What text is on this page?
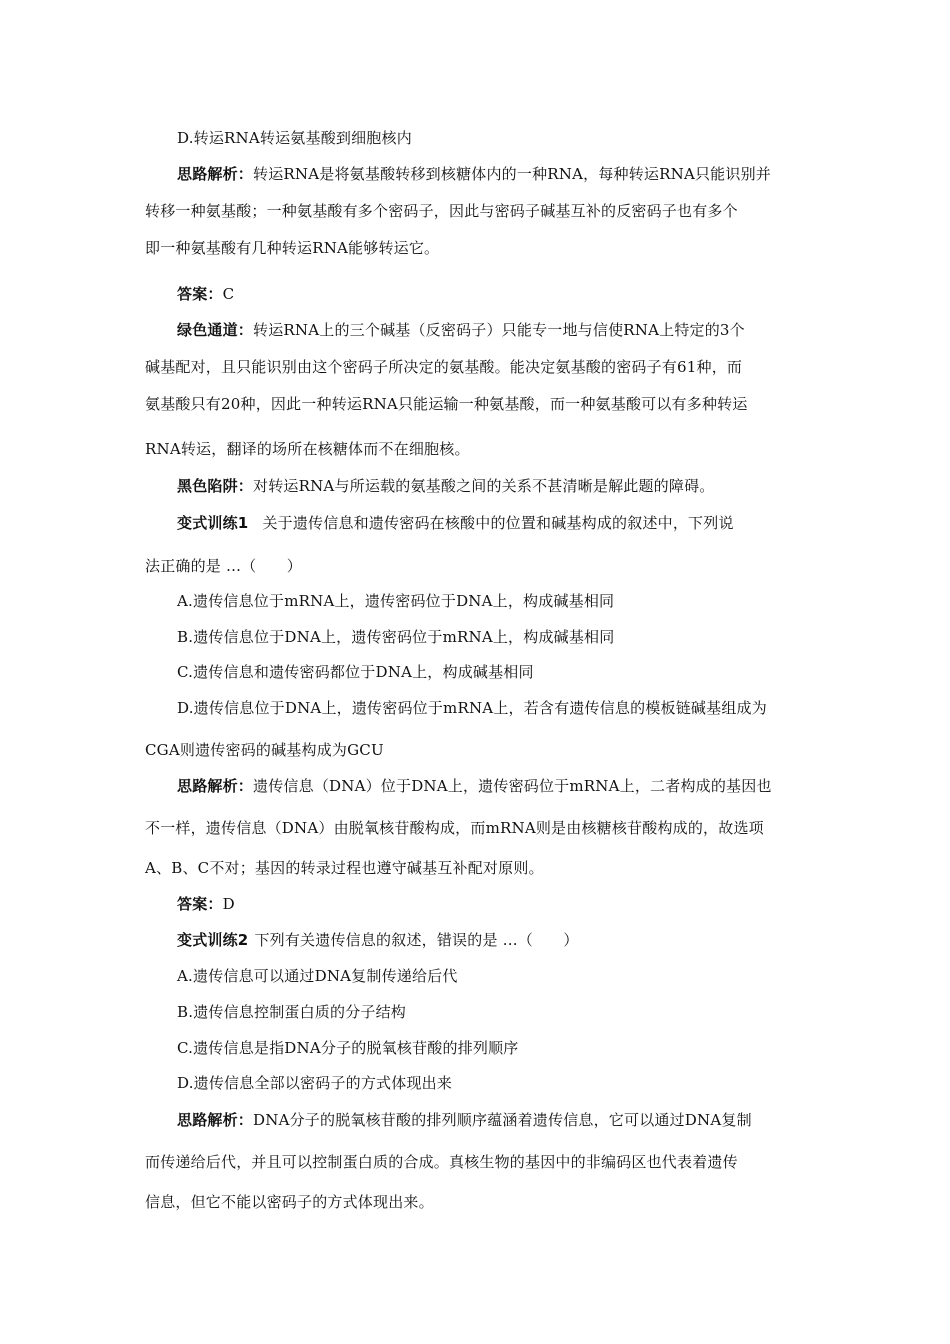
D.转运RNA转运氨基酸到细胞核内
思路解析：转运RNA是将氨基酸转移到核糖体内的一种RNA，每种转运RNA只能识别并
转移一种氨基酸；一种氨基酸有多个密码子，因此与密码子碱基互补的反密码子也有多个
即一种氨基酸有几种转运RNA能够转运它。
答案：C
绿色通道：转运RNA上的三个碱基（反密码子）只能专一地与信使RNA上特定的3个
碱基配对，且只能识别由这个密码子所决定的氨基酸。能决定氨基酸的密码子有61种，而
氨基酸只有20种，因此一种转运RNA只能运输一种氨基酸，而一种氨基酸可以有多种转运
RNA转运，翻译的场所在核糖体而不在细胞核。
黑色陷阱：对转运RNA与所运载的氨基酸之间的关系不甚清晰是解此题的障碍。
变式训练1 关于遗传信息和遗传密码在核酸中的位置和碱基构成的叙述中，下列说
法正确的是 …（　　）
A.遗传信息位于mRNA上，遗传密码位于DNA上，构成碱基相同
B.遗传信息位于DNA上，遗传密码位于mRNA上，构成碱基相同
C.遗传信息和遗传密码都位于DNA上，构成碱基相同
D.遗传信息位于DNA上，遗传密码位于mRNA上，若含有遗传信息的模板链碱基组成为
CGA则遗传密码的碱基构成为GCU
思路解析：遗传信息（DNA）位于DNA上，遗传密码位于mRNA上，二者构成的基因也
不一样，遗传信息（DNA）由脱氧核苷酸构成，而mRNA则是由核糖核苷酸构成的，故选项
A、B、C不对；基因的转录过程也遵守碱基互补配对原则。
答案：D
变式训练2 下列有关遗传信息的叙述，错误的是 …（　　）
A.遗传信息可以通过DNA复制传递给后代
B.遗传信息控制蛋白质的分子结构
C.遗传信息是指DNA分子的脱氧核苷酸的排列顺序
D.遗传信息全部以密码子的方式体现出来
思路解析：DNA分子的脱氧核苷酸的排列顺序蕴涵着遗传信息，它可以通过DNA复制
而传递给后代，并且可以控制蛋白质的合成。真核生物的基因中的非编码区也代表着遗传
信息，但它不能以密码子的方式体现出来。
